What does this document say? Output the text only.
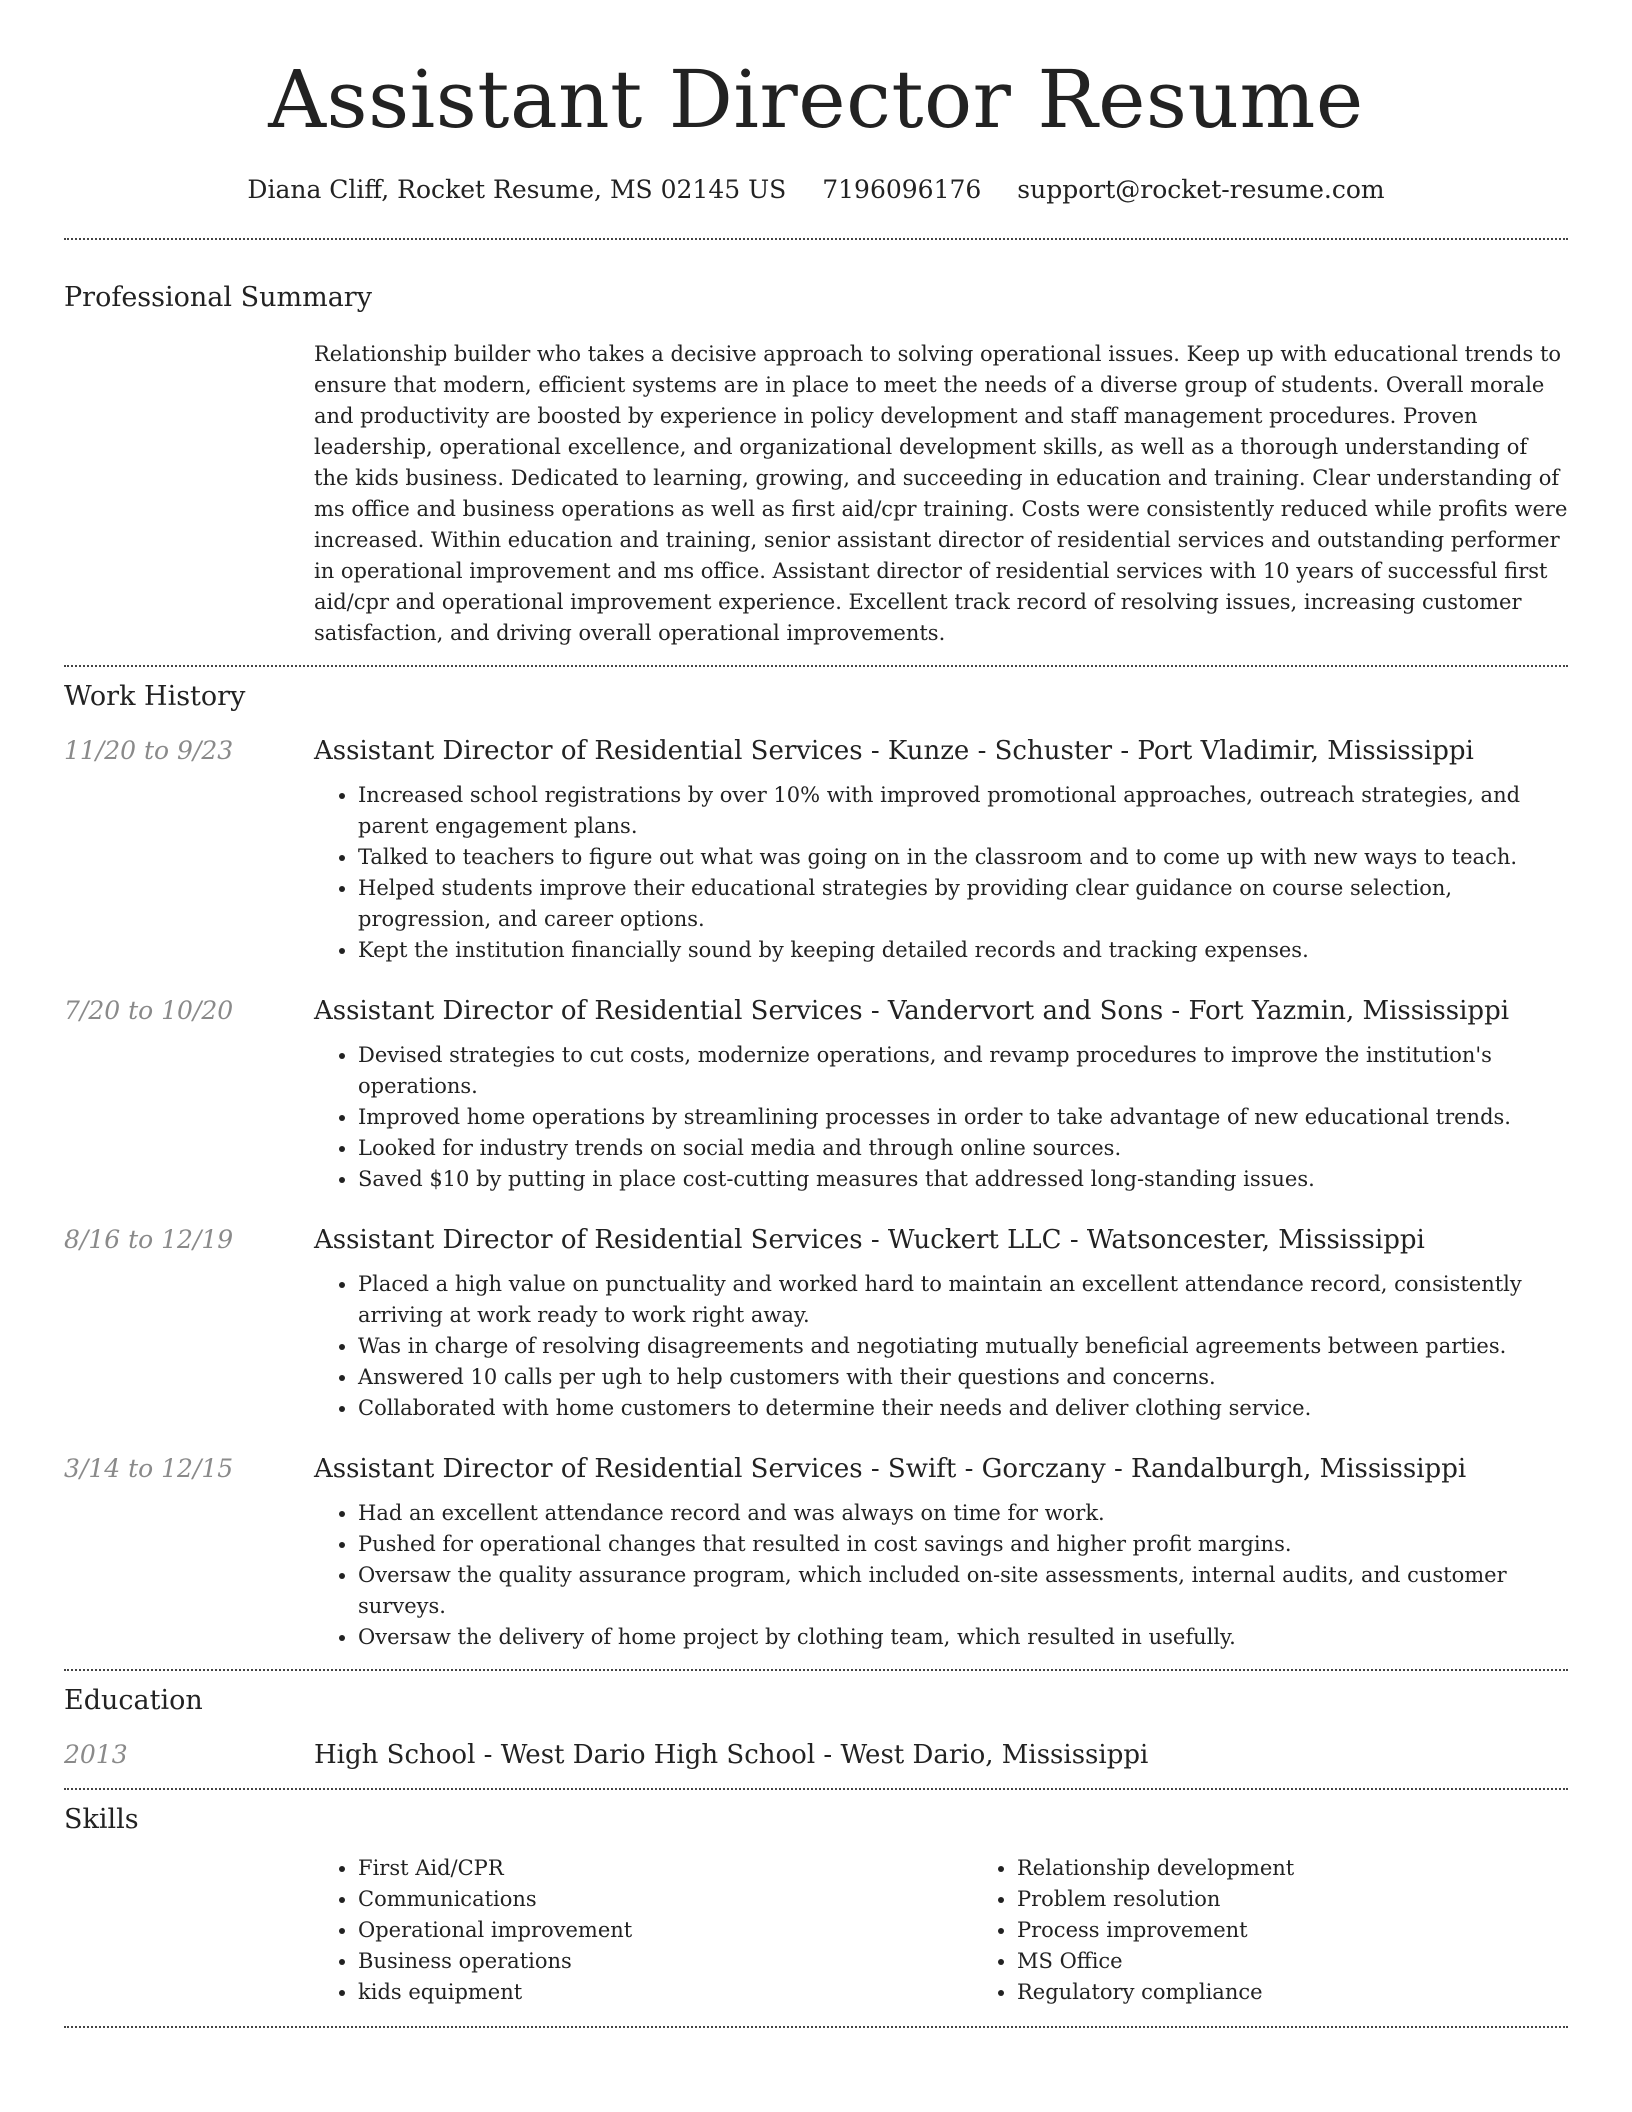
Assistant Director Resume
Diana Cliff, Rocket Resume, MS 02145 US 7196096176 support@rocket-resume.com
Professional Summary

Relationship builder who takes a decisive approach to solving operational issues. Keep up with educational trends to ensure that modern, efficient systems are in place to meet the needs of a diverse group of students. Overall morale and productivity are boosted by experience in policy development and staff management procedures. Proven leadership, operational excellence, and organizational development skills, as well as a thorough understanding of the kids business. Dedicated to learning, growing, and succeeding in education and training. Clear understanding of ms office and business operations as well as first aid/cpr training. Costs were consistently reduced while profits were increased. Within education and training, senior assistant director of residential services and outstanding performer in operational improvement and ms office. Assistant director of residential services with 10 years of successful first aid/cpr and operational improvement experience. Excellent track record of resolving issues, increasing customer satisfaction, and driving overall operational improvements.

Work History
11/20 to 9/23	Assistant Director of Residential Services - Kunze - Schuster - Port Vladimir, Mississippi
• Increased school registrations by over 10% with improved promotional approaches, outreach strategies, and parent engagement plans.
• Talked to teachers to figure out what was going on in the classroom and to come up with new ways to teach.
• Helped students improve their educational strategies by providing clear guidance on course selection, progression, and career options.
• Kept the institution financially sound by keeping detailed records and tracking expenses.
7/20 to 10/20	Assistant Director of Residential Services - Vandervort and Sons - Fort Yazmin, Mississippi
• Devised strategies to cut costs, modernize operations, and revamp procedures to improve the institution's operations.
• Improved home operations by streamlining processes in order to take advantage of new educational trends.
• Looked for industry trends on social media and through online sources.
• Saved $10 by putting in place cost-cutting measures that addressed long-standing issues.
8/16 to 12/19	Assistant Director of Residential Services - Wuckert LLC - Watsoncester, Mississippi
• Placed a high value on punctuality and worked hard to maintain an excellent attendance record, consistently arriving at work ready to work right away.
• Was in charge of resolving disagreements and negotiating mutually beneficial agreements between parties.
• Answered 10 calls per ugh to help customers with their questions and concerns.
• Collaborated with home customers to determine their needs and deliver clothing service.
3/14 to 12/15	Assistant Director of Residential Services - Swift - Gorczany - Randalburgh, Mississippi
• Had an excellent attendance record and was always on time for work.
• Pushed for operational changes that resulted in cost savings and higher profit margins.
• Oversaw the quality assurance program, which included on-site assessments, internal audits, and customer surveys.
• Oversaw the delivery of home project by clothing team, which resulted in usefully.
Education
2013	High School - West Dario High School - West Dario, Mississippi
Skills
• First Aid/CPR
• Communications
• Operational improvement
• Business operations
• kids equipment
• Relationship development
• Problem resolution
• Process improvement
• MS Office
• Regulatory compliance
